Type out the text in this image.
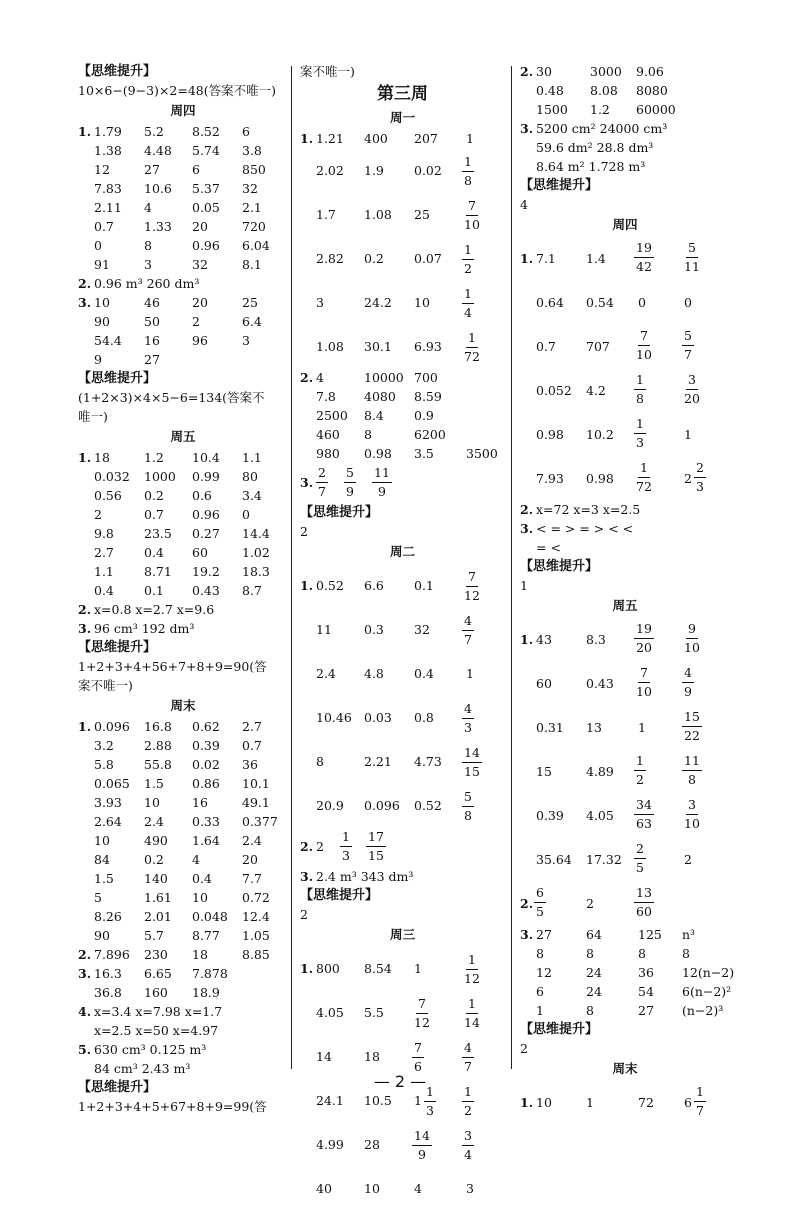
【思维提升】
10×6−(9−3)×2=48(答案不唯一)
周四
1. 1.79 5.2 8.52 6
1.38 4.48 5.74 3.8
12	27	6	850
7.83 10.6 5.37 32
2.11 4	0.05 2.1
0.7 1.33 20	720
0	8	0.96 6.04
91	3	32	8.1
2. 0.96 m³ 260 dm³
3. 10	46	20	25
90	50	2	6.4
54.4 16	96	3
9	27
【思维提升】
(1+2×3)×4×5−6=134(答案不
唯一)
周五
1. 18	1.2 10.4 1.1
0.032 1000 0.99 80
0.56 0.2 0.6 3.4
2	0.7 0.96 0
9.8 23.5 0.27 14.4
2.7 0.4 60	1.02
1.1 8.71 19.2 18.3
0.4 0.1 0.43 8.7
2. x=0.8 x=2.7 x=9.6
3. 96 cm³ 192 dm³
【思维提升】
1+2+3+4+56+7+8+9=90(答
案不唯一)
周末
1. 0.096 16.8 0.62 2.7
3.2 2.88 0.39 0.7
5.8 55.8 0.02 36
0.065 1.5 0.86 10.1
3.93 10	16	49.1
2.64 2.4 0.33 0.377
10	490 1.64 2.4
84	0.2 4	20
1.5 140 0.4 7.7
5	1.61 10	0.72
8.26 2.01 0.048 12.4
90	5.7 8.77 1.05
2. 7.896 230 18	8.85
3. 16.3 6.65 7.878
36.8 160 18.9
4. x=3.4 x=7.98 x=1.7
x=2.5 x=50 x=4.97
5. 630 cm³ 0.125 m³
84 cm³ 2.43 m³
【思维提升】
1+2+3+4+5+67+8+9=99(答
案不唯一)
第三周
周一
1. 1.21 400 207 1
2.02 1.9 $0.02 \frac{1}{8}$
1.7 1.08 25	$\frac{7}{10}$
2.82 0.2 $0.07 \frac{1}{2}$
3	24.2 10	$\frac{1}{4}$
1.08 30.1 $6.93 \frac{1}{72}$
2. 4	10000 700
7.8 4080 8.59
2500 8.4 0.9
460 8	6200
980 0.98 3.5	3500
3. $\frac{2}{7} \frac{5}{9} \frac{11}{9}$
【思维提升】
2
周二
1. 0.52 6.6 $0.1 \frac{7}{12}$
11	0.3 32	$\frac{4}{7}$
2.4 4.8 0.4	1
10.46 0.03 $0.8 \frac{4}{3}$
8	2.21 $4.73 \frac{14}{15}$
20.9 0.096 $0.52 \frac{5}{8}$
2. $2 \frac{1}{3} \frac{17}{15}$
3. 2.4 m³ 343 dm³
【思维提升】
2
周三
1. 800 8.54 1	$\frac{1}{12}$
4.05 $5.5 \frac{7}{12} \frac{1}{14}$
14	18	$\frac{7}{6}$	$\frac{4}{7}$
24.1 10.5 $1 \frac{1}{3} \frac{1}{2}$
4.99 28	$\frac{14}{9} \frac{3}{4}$
40	10	4	3
2. 30	3000 9.06
0.48 8.08 8080
1500 1.2 60000
3. 5200 cm² 24000 cm³
59.6 dm² 28.8 dm³
8.64 m² 1.728 m³
【思维提升】
4
周四
1. 7.1 $1.4 \frac{19}{42} \frac{5}{11}$
0.64 0.54 0	0
0.7 $707 \frac{7}{10} \frac{5}{7}$
0.052 $4.2 \frac{1}{8}$	$\frac{3}{20}$
0.98 $10.2 \frac{1}{3}$	1
7.93 $0.98 \frac{1}{72} 2 \frac{2}{3}$
2. x=72 x=3 x=2.5
3. < = > = > < <
= <
【思维提升】
1
周五
1. 43	$8.3 \frac{19}{20} \frac{9}{10}$
60	$0.43 \frac{7}{10} \frac{4}{9}$
0.31 13	1	$\frac{15}{22}$
15	$4.89 \frac{1}{2}$	$\frac{11}{8}$
0.39 $4.05 \frac{34}{63} \frac{3}{10}$
35.64 $17.32 \frac{2}{5}$	2
2. $\frac{6}{5}$	2	$\frac{13}{60}$
3. 27	64	125 n³
8	8	8	8
12	24	36 12(n−2)
6	24	54 6(n−2)²
1	8	27 (n−2)³
【思维提升】
2
周末
1. 10	1	72 $6 \frac{1}{7}$
— 2 —
